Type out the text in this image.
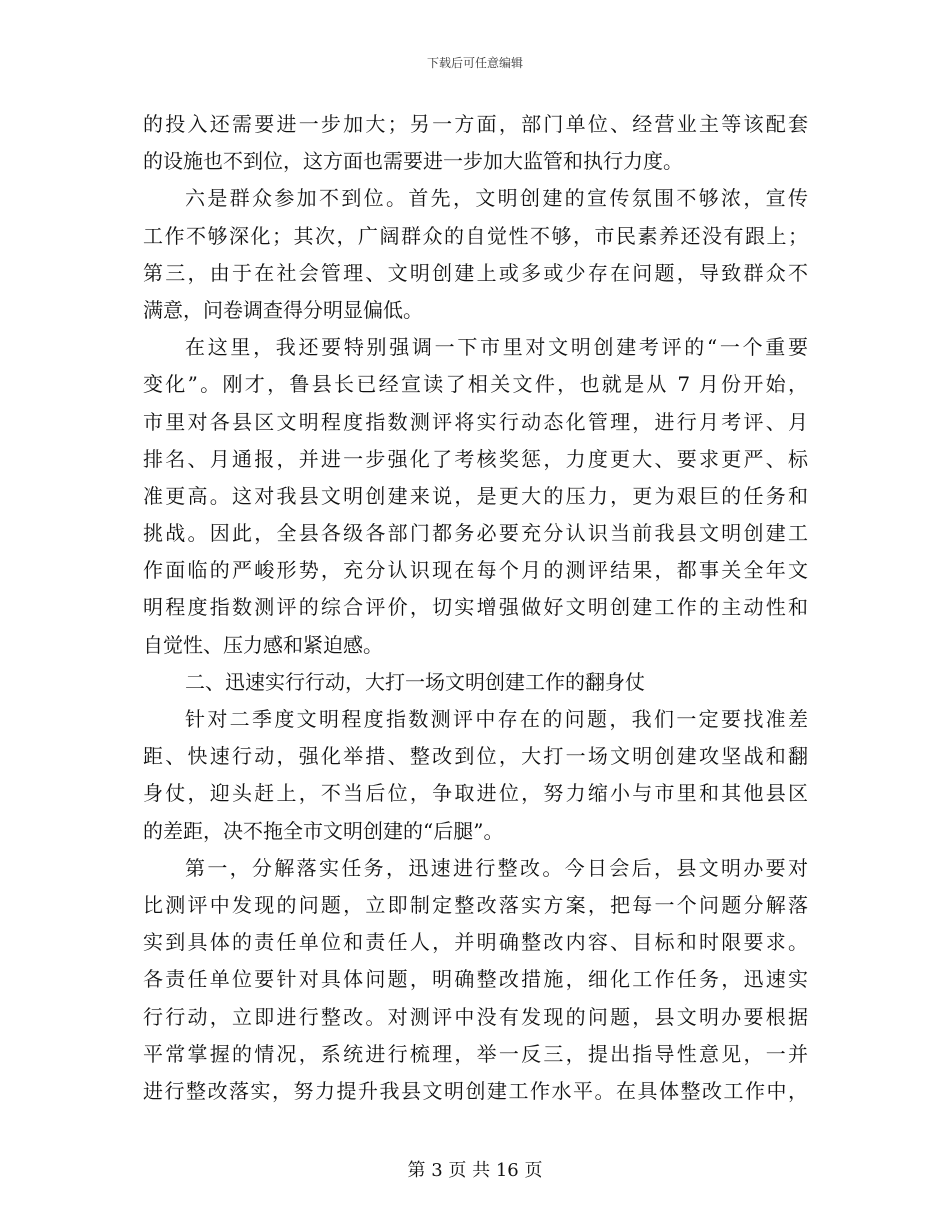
下载后可任意编辑
的投入还需要进一步加大；另一方面，部门单位、经营业主等该配套
的设施也不到位，这方面也需要进一步加大监管和执行力度。
六是群众参加不到位。首先，文明创建的宣传氛围不够浓，宣传
工作不够深化；其次，广阔群众的自觉性不够，市民素养还没有跟上；
第三，由于在社会管理、文明创建上或多或少存在问题，导致群众不
满意，问卷调查得分明显偏低。
在这里，我还要特别强调一下市里对文明创建考评的“一个重要
变化”。刚才，鲁县长已经宣读了相关文件，也就是从 7 月份开始，
市里对各县区文明程度指数测评将实行动态化管理，进行月考评、月
排名、月通报，并进一步强化了考核奖惩，力度更大、要求更严、标
准更高。这对我县文明创建来说，是更大的压力，更为艰巨的任务和
挑战。因此，全县各级各部门都务必要充分认识当前我县文明创建工
作面临的严峻形势，充分认识现在每个月的测评结果，都事关全年文
明程度指数测评的综合评价，切实增强做好文明创建工作的主动性和
自觉性、压力感和紧迫感。
二、迅速实行行动，大打一场文明创建工作的翻身仗
针对二季度文明程度指数测评中存在的问题，我们一定要找准差
距、快速行动，强化举措、整改到位，大打一场文明创建攻坚战和翻
身仗，迎头赶上，不当后位，争取进位，努力缩小与市里和其他县区
的差距，决不拖全市文明创建的“后腿”。
第一，分解落实任务，迅速进行整改。今日会后，县文明办要对
比测评中发现的问题，立即制定整改落实方案，把每一个问题分解落
实到具体的责任单位和责任人，并明确整改内容、目标和时限要求。
各责任单位要针对具体问题，明确整改措施，细化工作任务，迅速实
行行动，立即进行整改。对测评中没有发现的问题，县文明办要根据
平常掌握的情况，系统进行梳理，举一反三，提出指导性意见，一并
进行整改落实，努力提升我县文明创建工作水平。在具体整改工作中，
第 3 页 共 16 页
